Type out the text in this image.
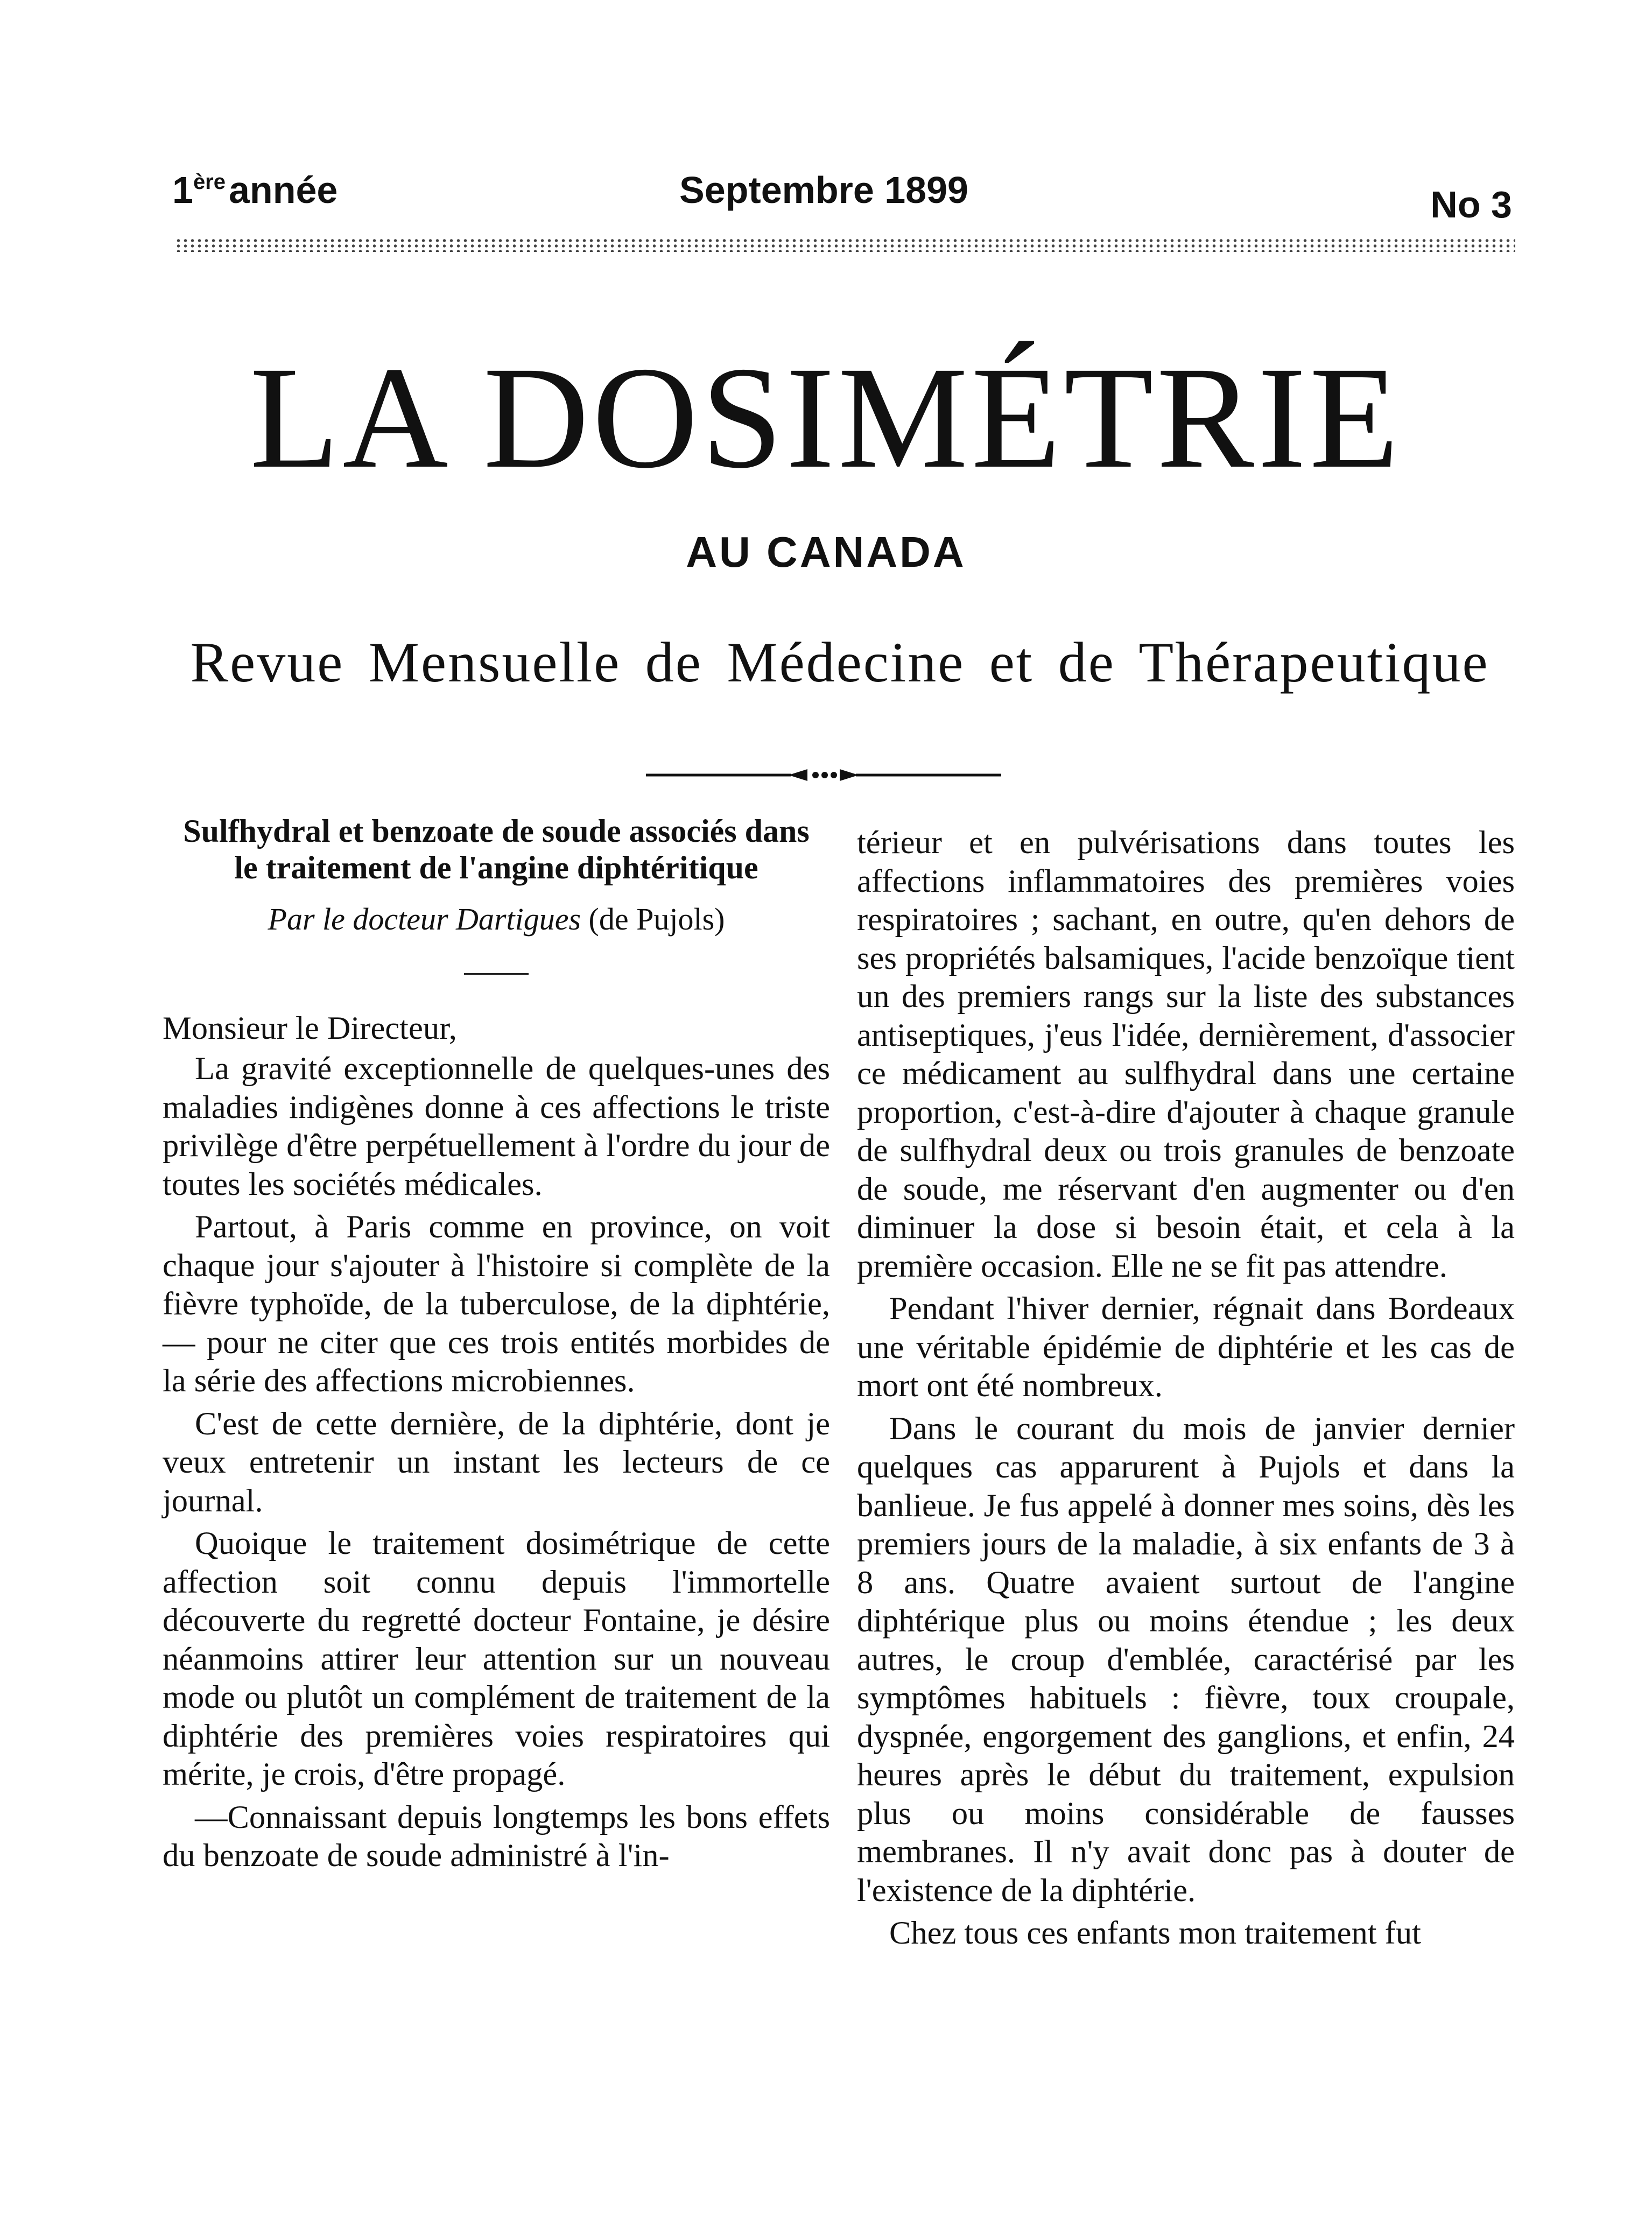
1èreannée	Septembre 1899	No 3
LA DOSIMÉTRIE
AU CANADA
Revue Mensuelle de Médecine et de Thérapeutique
Sulfhydral et benzoate de soude associés dans le traitement de l'angine diphtéritique
Par le docteur Dartigues (de Pujols)

Monsieur le Directeur,

La gravité exceptionnelle de quelques-unes des maladies indigènes donne à ces affections le triste privilège d'être perpétuellement à l'ordre du jour de toutes les sociétés médicales.

Partout, à Paris comme en province, on voit chaque jour s'ajouter à l'histoire si complète de la fièvre typhoïde, de la tuberculose, de la diphtérie, — pour ne citer que ces trois entités morbides de la série des affections microbiennes.

C'est de cette dernière, de la diphtérie, dont je veux entretenir un instant les lecteurs de ce journal.

Quoique le traitement dosimétrique de cette affection soit connu depuis l'immortelle découverte du regretté docteur Fontaine, je désire néanmoins attirer leur attention sur un nouveau mode ou plutôt un complément de traitement de la diphtérie des premières voies respiratoires qui mérite, je crois, d'être propagé.

—Connaissant depuis longtemps les bons effets du benzoate de soude administré à l'in-

térieur et en pulvérisations dans toutes les affections inflammatoires des premières voies respiratoires ; sachant, en outre, qu'en dehors de ses propriétés balsamiques, l'acide benzoïque tient un des premiers rangs sur la liste des substances antiseptiques, j'eus l'idée, dernièrement, d'associer ce médicament au sulfhydral dans une certaine proportion, c'est-à-dire d'ajouter à chaque granule de sulfhydral deux ou trois granules de benzoate de soude, me réservant d'en augmenter ou d'en diminuer la dose si besoin était, et cela à la première occasion. Elle ne se fit pas attendre.

Pendant l'hiver dernier, régnait dans Bordeaux une véritable épidémie de diphtérie et les cas de mort ont été nombreux.

Dans le courant du mois de janvier dernier quelques cas apparurent à Pujols et dans la banlieue. Je fus appelé à donner mes soins, dès les premiers jours de la maladie, à six enfants de 3 à 8 ans. Quatre avaient surtout de l'angine diphtérique plus ou moins étendue ; les deux autres, le croup d'emblée, caractérisé par les symptômes habituels : fièvre, toux croupale, dyspnée, engorgement des ganglions, et enfin, 24 heures après le début du traitement, expulsion plus ou moins considérable de fausses membranes. Il n'y avait donc pas à douter de l'existence de la diphtérie.

Chez tous ces enfants mon traitement fut
